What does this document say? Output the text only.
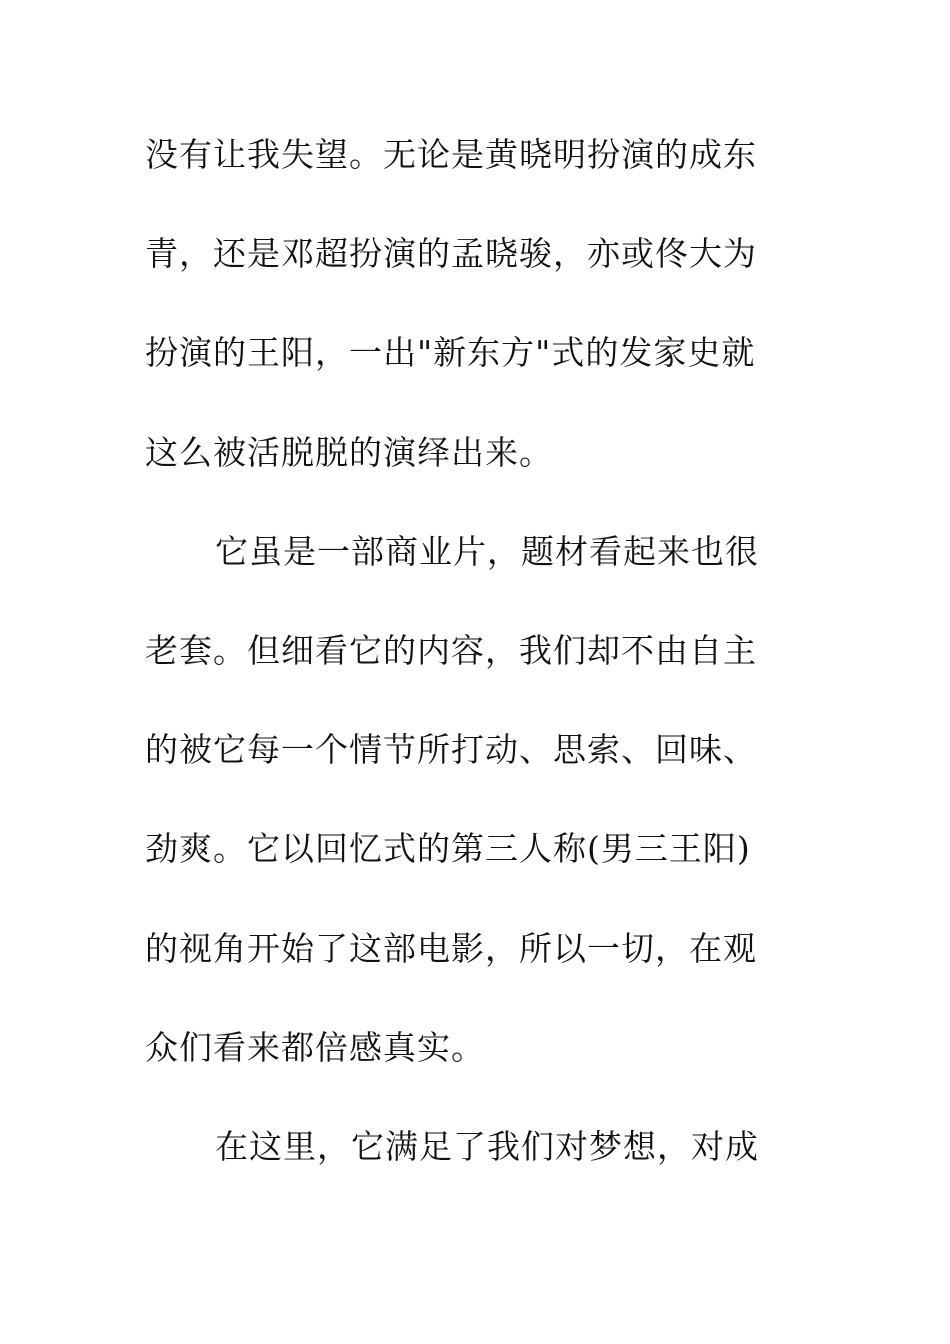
没有让我失望。无论是黄晓明扮演的成东
青，还是邓超扮演的孟晓骏，亦或佟大为
扮演的王阳，一出"新东方"式的发家史就
这么被活脱脱的演绎出来。
它虽是一部商业片，题材看起来也很
老套。但细看它的内容，我们却不由自主
的被它每一个情节所打动、思索、回味、
劲爽。它以回忆式的第三人称(男三王阳)
的视角开始了这部电影，所以一切，在观
众们看来都倍感真实。
在这里，它满足了我们对梦想，对成
